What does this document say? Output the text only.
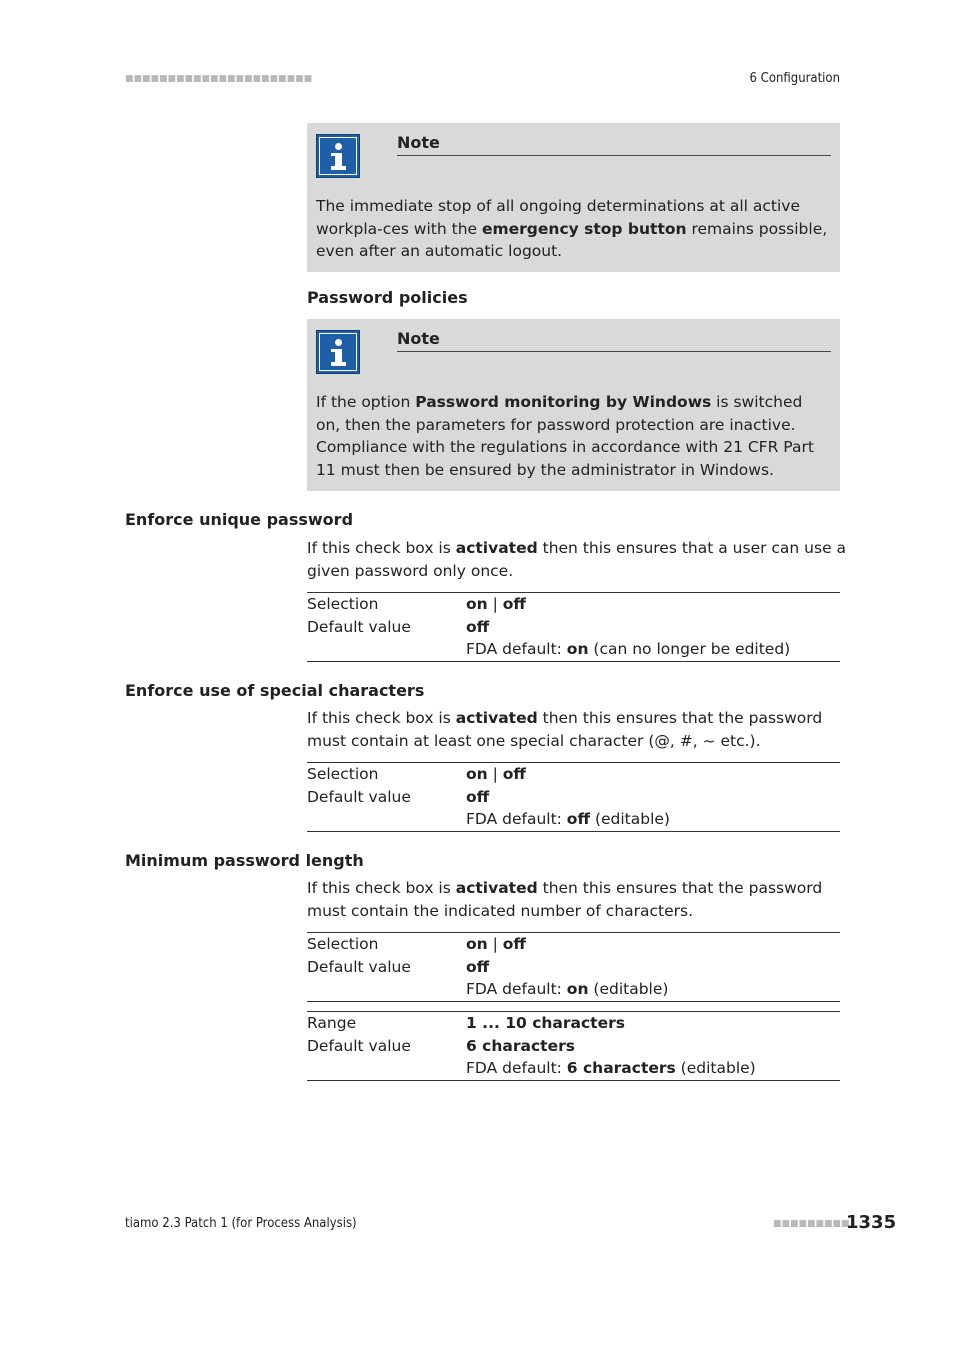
■■■■■■■■■■■■■■■■■■■■■■	6 Configuration
Note
The immediate stop of all ongoing determinations at all active workpla-ces with the emergency stop button remains possible, even after an automatic logout.
Password policies
Note
If the option Password monitoring by Windows is switched on, then the parameters for password protection are inactive. Compliance with the regulations in accordance with 21 CFR Part 11 must then be ensured by the administrator in Windows.
Enforce unique password
If this check box is activated then this ensures that a user can use a given password only once.
Selection	on | off
Default value	off
FDA default: on (can no longer be edited)
Enforce use of special characters
If this check box is activated then this ensures that the password must contain at least one special character (@, #, ~ etc.).
Selection	on | off
Default value	off
FDA default: off (editable)
Minimum password length
If this check box is activated then this ensures that the password must contain the indicated number of characters.
Selection	on | off
Default value	off
FDA default: on (editable)
Range	1 ... 10 characters
Default value	6 characters
FDA default: 6 characters (editable)
tiamo 2.3 Patch 1 (for Process Analysis)	■■■■■■■■■
1335
